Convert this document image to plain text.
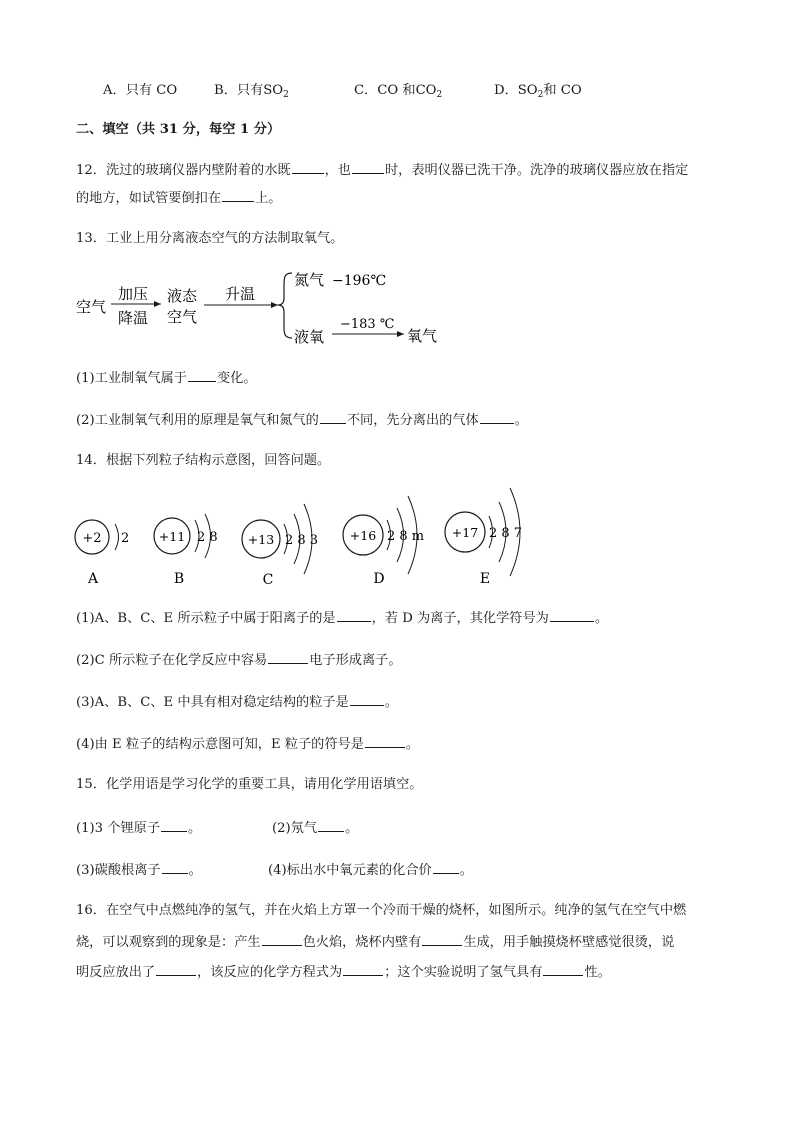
A．只有 CO	B．只有$SO_2$	C．CO 和$CO_2$	D．$SO_2$和 CO
二、填空（共 31 分，每空 1 分）
12．洗过的玻璃仪器内壁附着的水既	，也	时，表明仪器已洗干净。洗净的玻璃仪器应放在指定
的地方，如试管要倒扣在	上。
13．工业上用分离液态空气的方法制取氧气。
空气
加压
降温
液态
空气
升温
氮气 −196℃
液氧
−183 ℃
氧气
(1)工业制氧气属于 变化。
(2)工业制氧气利用的原理是氧气和氮气的 不同，先分离出的气体	。
14．根据下列粒子结构示意图，回答问题。
+2 2
A
+11 2 8
B
+13 2 8 3
C
+16 2 8 m
D
+17 2 8 7
E
(1)A、B、C、E 所示粒子中属于阳离子的是	，若 D 为离子，其化学符号为	。
(2)C 所示粒子在化学反应中容易	电子形成离子。
(3)A、B、C、E 中具有相对稳定结构的粒子是	。
(4)由 E 粒子的结构示意图可知，E 粒子的符号是	。
15．化学用语是学习化学的重要工具，请用化学用语填空。
(1)3 个锂原子 。	(2)氖气 。
(3)碳酸根离子 。	(4)标出水中氧元素的化合价 。
16．在空气中点燃纯净的氢气，并在火焰上方罩一个冷而干燥的烧杯，如图所示。纯净的氢气在空气中燃
烧，可以观察到的现象是：产生	色火焰，烧杯内壁有	生成，用手触摸烧杯壁感觉很烫，说
明反应放出了	，该反应的化学方程式为	；这个实验说明了氢气具有	性。
